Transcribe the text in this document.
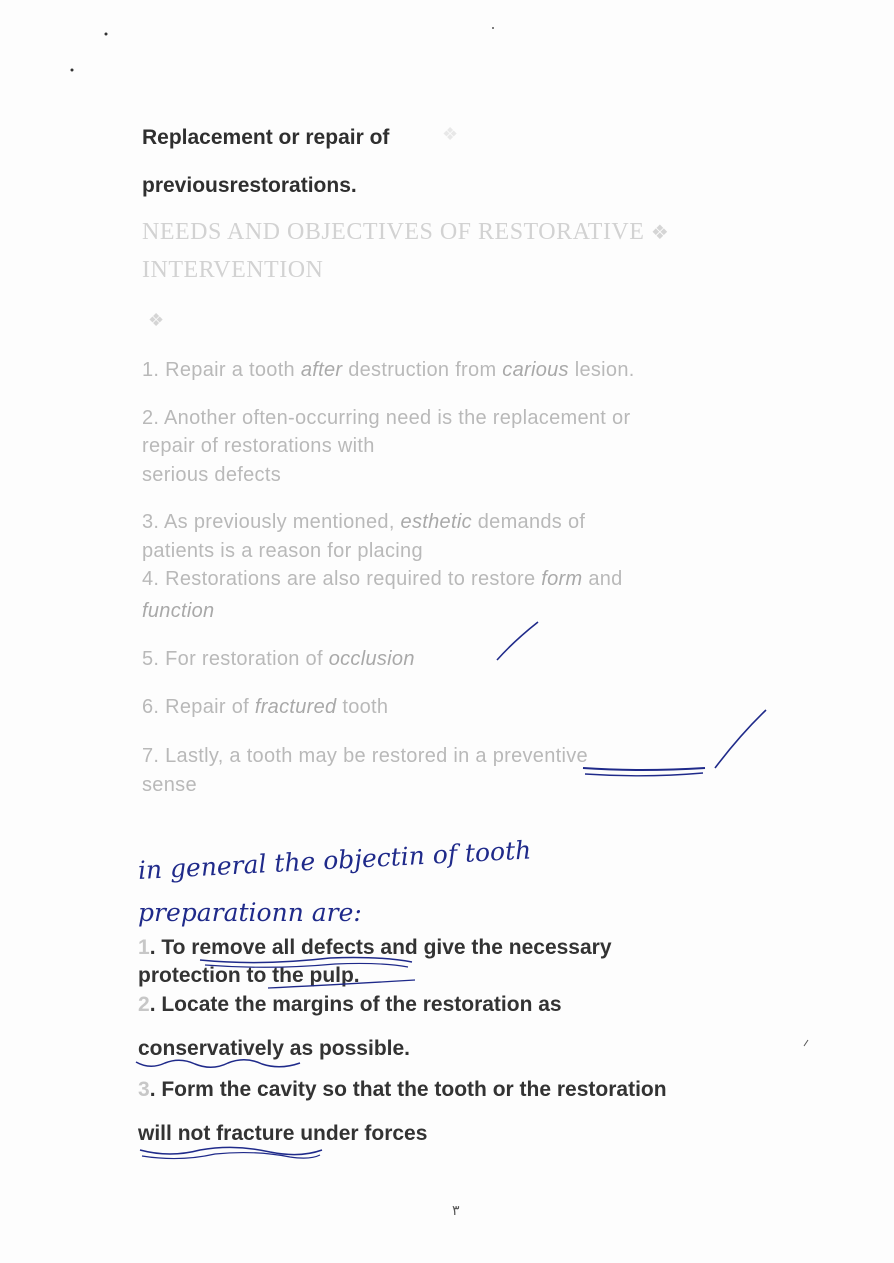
Replacement or repair of	❖
previousrestorations.
NEEDS AND OBJECTIVES OF RESTORATIVE ❖
INTERVENTION
❖
1. Repair a tooth after destruction from carious lesion.
2. Another often-occurring need is the replacement or
repair of restorations with
serious defects
3. As previously mentioned, esthetic demands of
patients is a reason for placing
4. Restorations are also required to restore form and
function
5. For restoration of occlusion
6. Repair of fractured tooth
7. Lastly, a tooth may be restored in a preventive
sense
in general the objectin of tooth
preparationn are:
1. To remove all defects and give the necessary
protection to the pulp.
2. Locate the margins of the restoration as
conservatively as possible.
3. Form the cavity so that the tooth or the restoration
will not fracture under forces
٣
